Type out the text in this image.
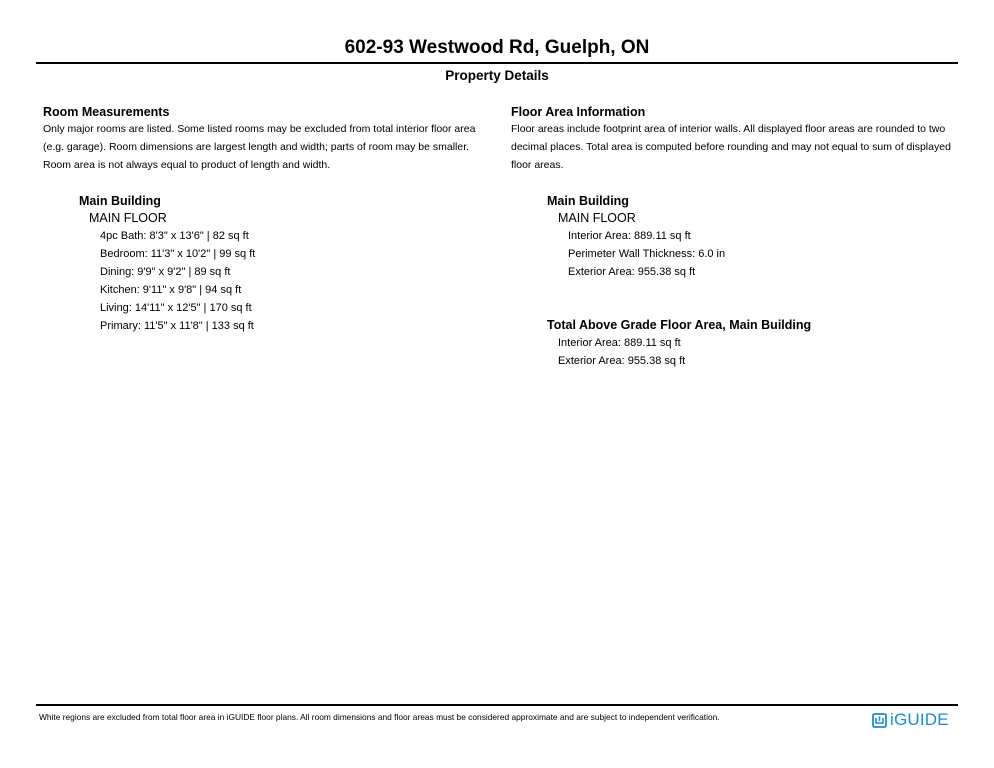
602-93 Westwood Rd, Guelph, ON
Property Details
Room Measurements
Only major rooms are listed. Some listed rooms may be excluded from total interior floor area
(e.g. garage). Room dimensions are largest length and width; parts of room may be smaller.
Room area is not always equal to product of length and width.
Main Building
MAIN FLOOR
4pc Bath: 8'3" x 13'6" | 82 sq ft
Bedroom: 11'3" x 10'2" | 99 sq ft
Dining: 9'9" x 9'2" | 89 sq ft
Kitchen: 9'11" x 9'8" | 94 sq ft
Living: 14'11" x 12'5" | 170 sq ft
Primary: 11'5" x 11'8" | 133 sq ft
Floor Area Information
Floor areas include footprint area of interior walls. All displayed floor areas are rounded to two
decimal places. Total area is computed before rounding and may not equal to sum of displayed
floor areas.
Main Building
MAIN FLOOR
Interior Area: 889.11 sq ft
Perimeter Wall Thickness: 6.0 in
Exterior Area: 955.38 sq ft
Total Above Grade Floor Area, Main Building
Interior Area: 889.11 sq ft
Exterior Area: 955.38 sq ft
White regions are excluded from total floor area in iGUIDE floor plans. All room dimensions and floor areas must be considered approximate and are subject to independent verification.	iGUIDE
